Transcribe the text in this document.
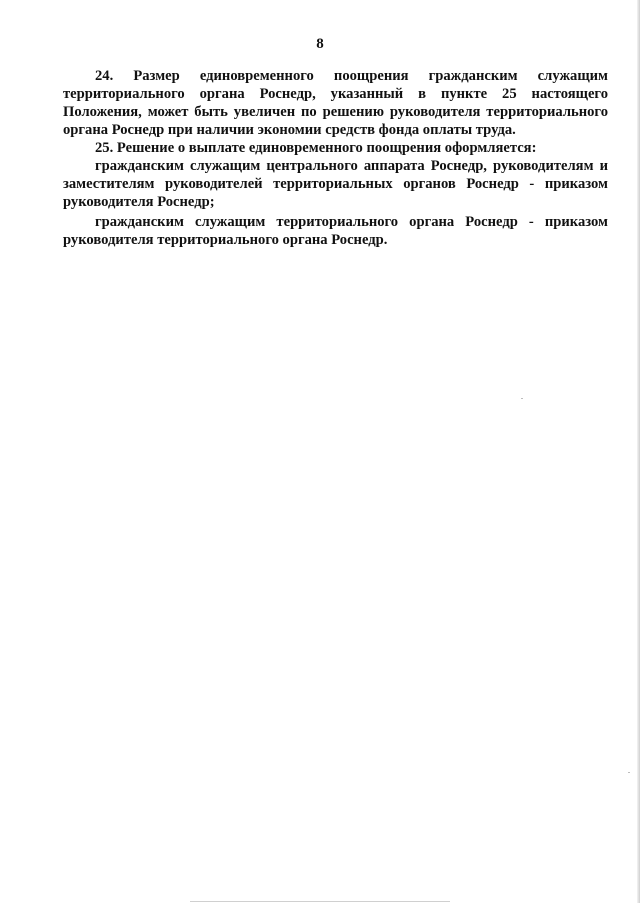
8

24. Размер единовременного поощрения гражданским служащим территориального органа Роснедр, указанный в пункте 25 настоящего Положения, может быть увеличен по решению руководителя территориального органа Роснедр при наличии экономии средств фонда оплаты труда.

25. Решение о выплате единовременного поощрения оформляется:

гражданским служащим центрального аппарата Роснедр, руководителям и заместителям руководителей территориальных органов Роснедр - приказом руководителя Роснедр;

гражданским служащим территориального органа Роснедр - приказом руководителя территориального органа Роснедр.
